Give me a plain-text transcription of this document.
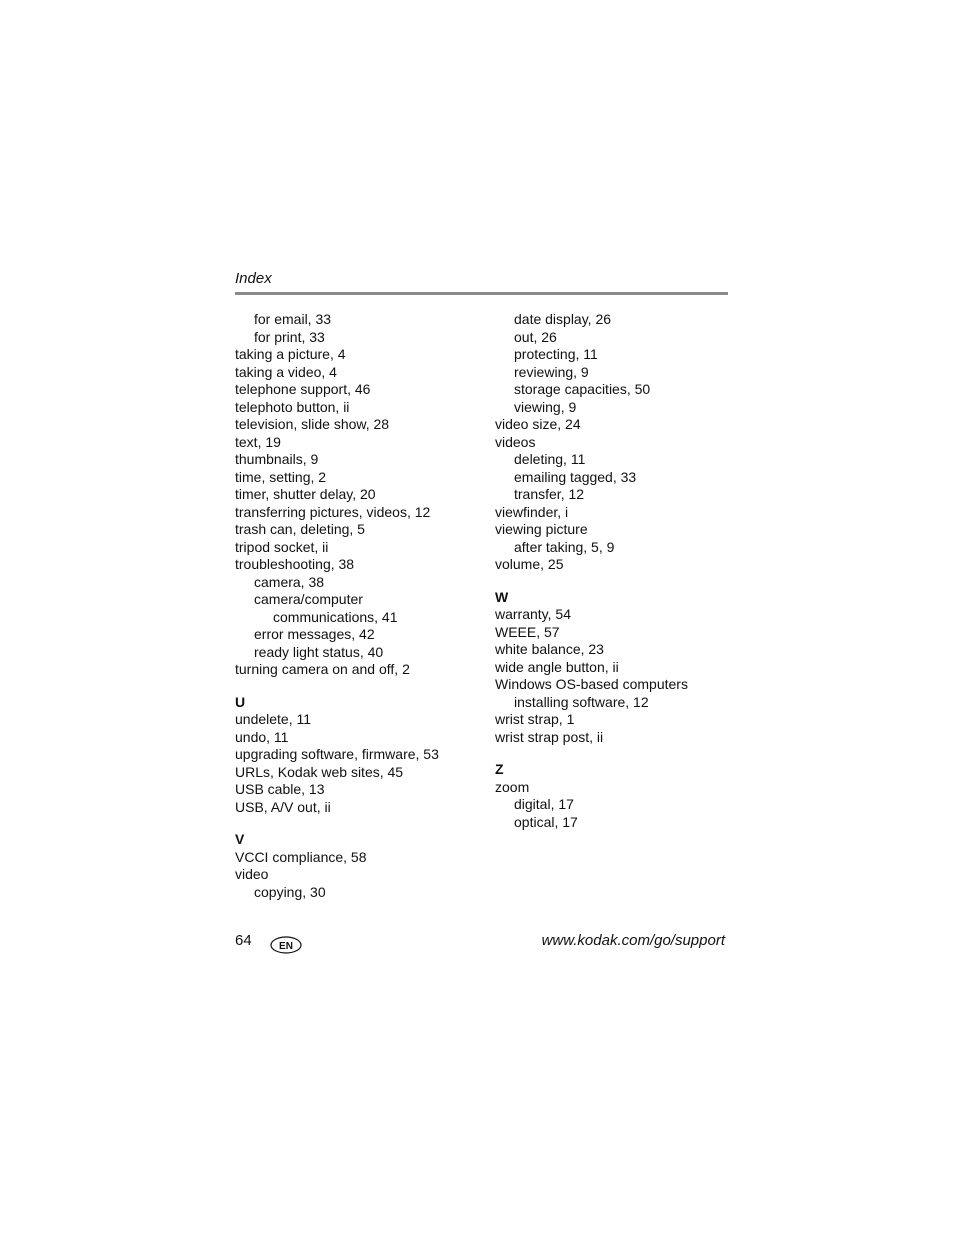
Index
for email, 33
for print, 33
taking a picture, 4
taking a video, 4
telephone support, 46
telephoto button, ii
television, slide show, 28
text, 19
thumbnails, 9
time, setting, 2
timer, shutter delay, 20
transferring pictures, videos, 12
trash can, deleting, 5
tripod socket, ii
troubleshooting, 38
camera, 38
camera/computer
communications, 41
error messages, 42
ready light status, 40
turning camera on and off, 2
U
undelete, 11
undo, 11
upgrading software, firmware, 53
URLs, Kodak web sites, 45
USB cable, 13
USB, A/V out, ii
V
VCCI compliance, 58
video
copying, 30
date display, 26
out, 26
protecting, 11
reviewing, 9
storage capacities, 50
viewing, 9
video size, 24
videos
deleting, 11
emailing tagged, 33
transfer, 12
viewfinder, i
viewing picture
after taking, 5, 9
volume, 25
W
warranty, 54
WEEE, 57
white balance, 23
wide angle button, ii
Windows OS-based computers
installing software, 12
wrist strap, 1
wrist strap post, ii
Z
zoom
digital, 17
optical, 17
64	EN	www.kodak.com/go/support
